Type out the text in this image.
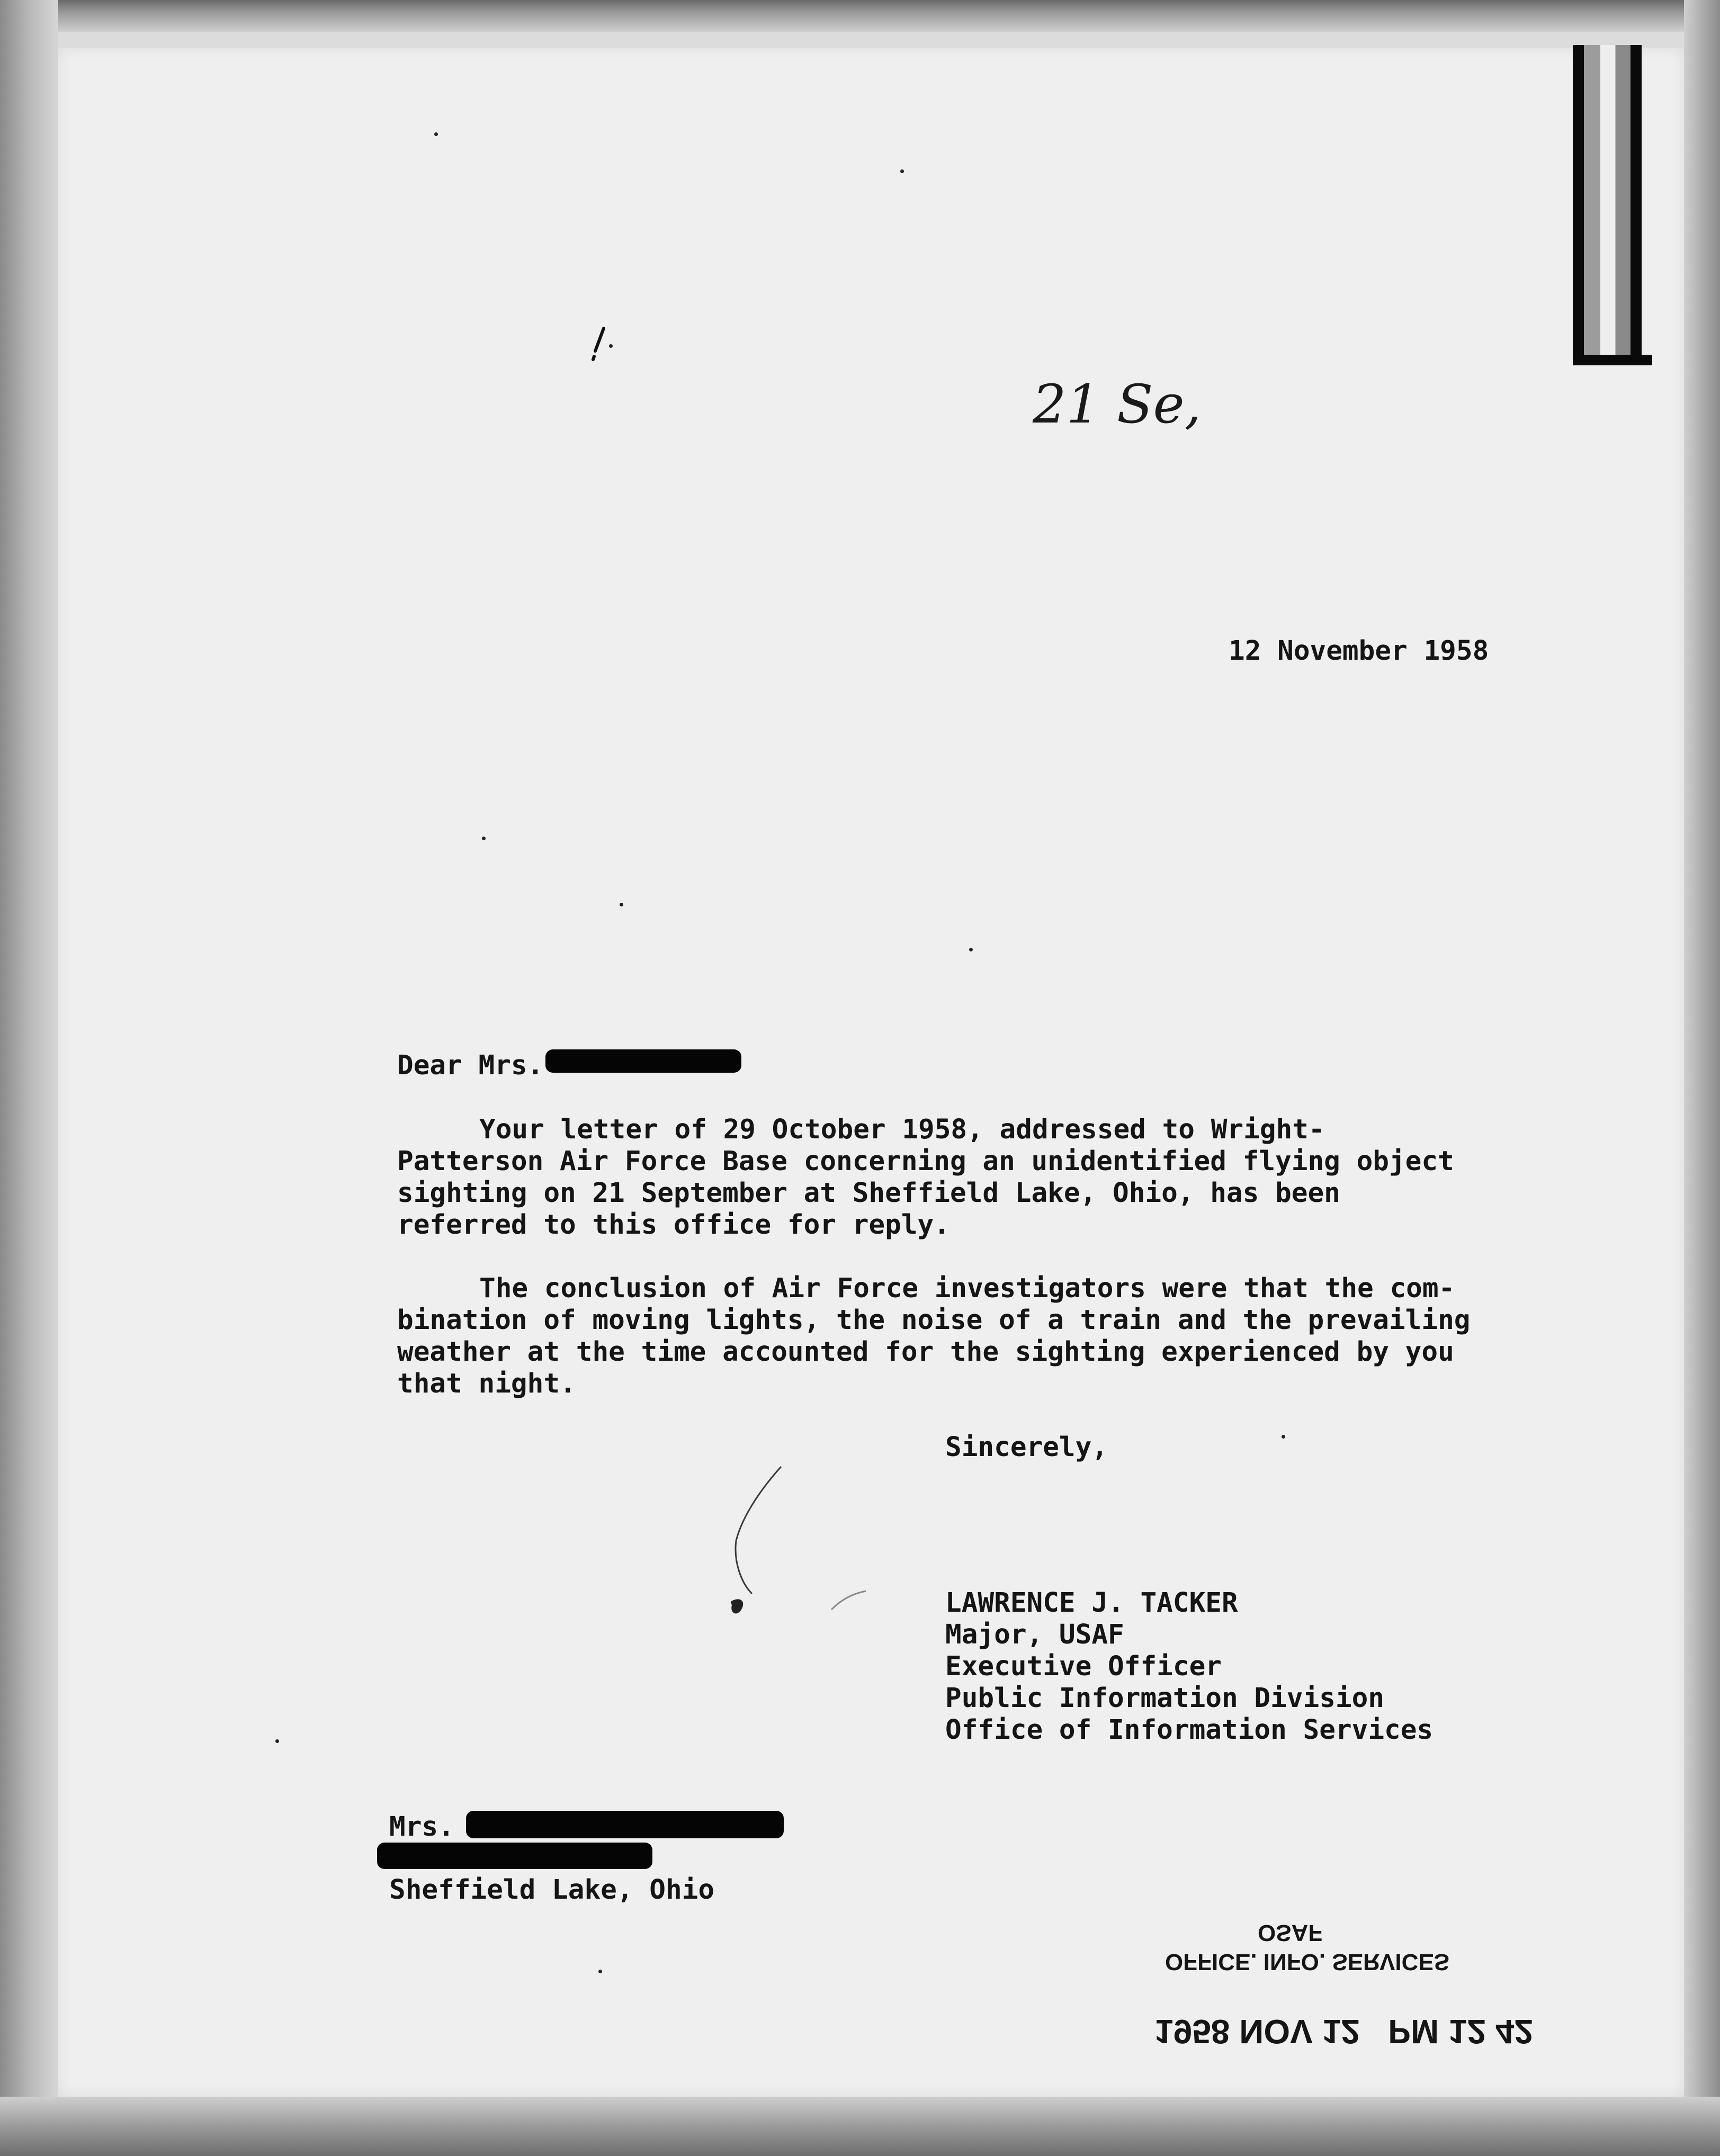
21 Se,

12 November 1958

Dear Mrs.

Your letter of 29 October 1958, addressed to Wright-

Patterson Air Force Base concerning an unidentified flying object

sighting on 21 September at Sheffield Lake, Ohio, has been

referred to this office for reply.

The conclusion of Air Force investigators were that the com-

bination of moving lights, the noise of a train and the prevailing

weather at the time accounted for the sighting experienced by you

that night.

Sincerely,

LAWRENCE J. TACKER

Major, USAF

Executive Officer

Public Information Division

Office of Information Services

Mrs.

Sheffield Lake, Ohio

OSAF

OFFICE. INFO. SERVICES

1958 NOV 12   PM 12 42
